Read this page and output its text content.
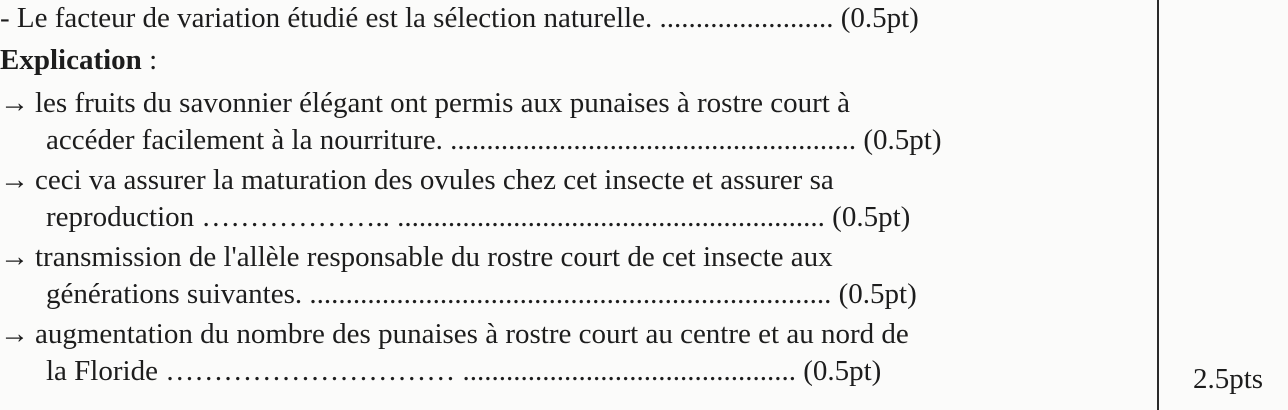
- Le facteur de variation étudié est la sélection naturelle. ........................ (0.5pt)
Explication :
→ les fruits du savonnier élégant ont permis aux punaises à rostre court à
accéder facilement à la nourriture. ........................................................ (0.5pt)
→ ceci va assurer la maturation des ovules chez cet insecte et assurer sa
reproduction ……………….. ........................................................... (0.5pt)
→ transmission de l'allèle responsable du rostre court de cet insecte aux
générations suivantes. ........................................................................ (0.5pt)
→ augmentation du nombre des punaises à rostre court au centre et au nord de
la Floride ………………………… .............................................. (0.5pt)	2.5pts
